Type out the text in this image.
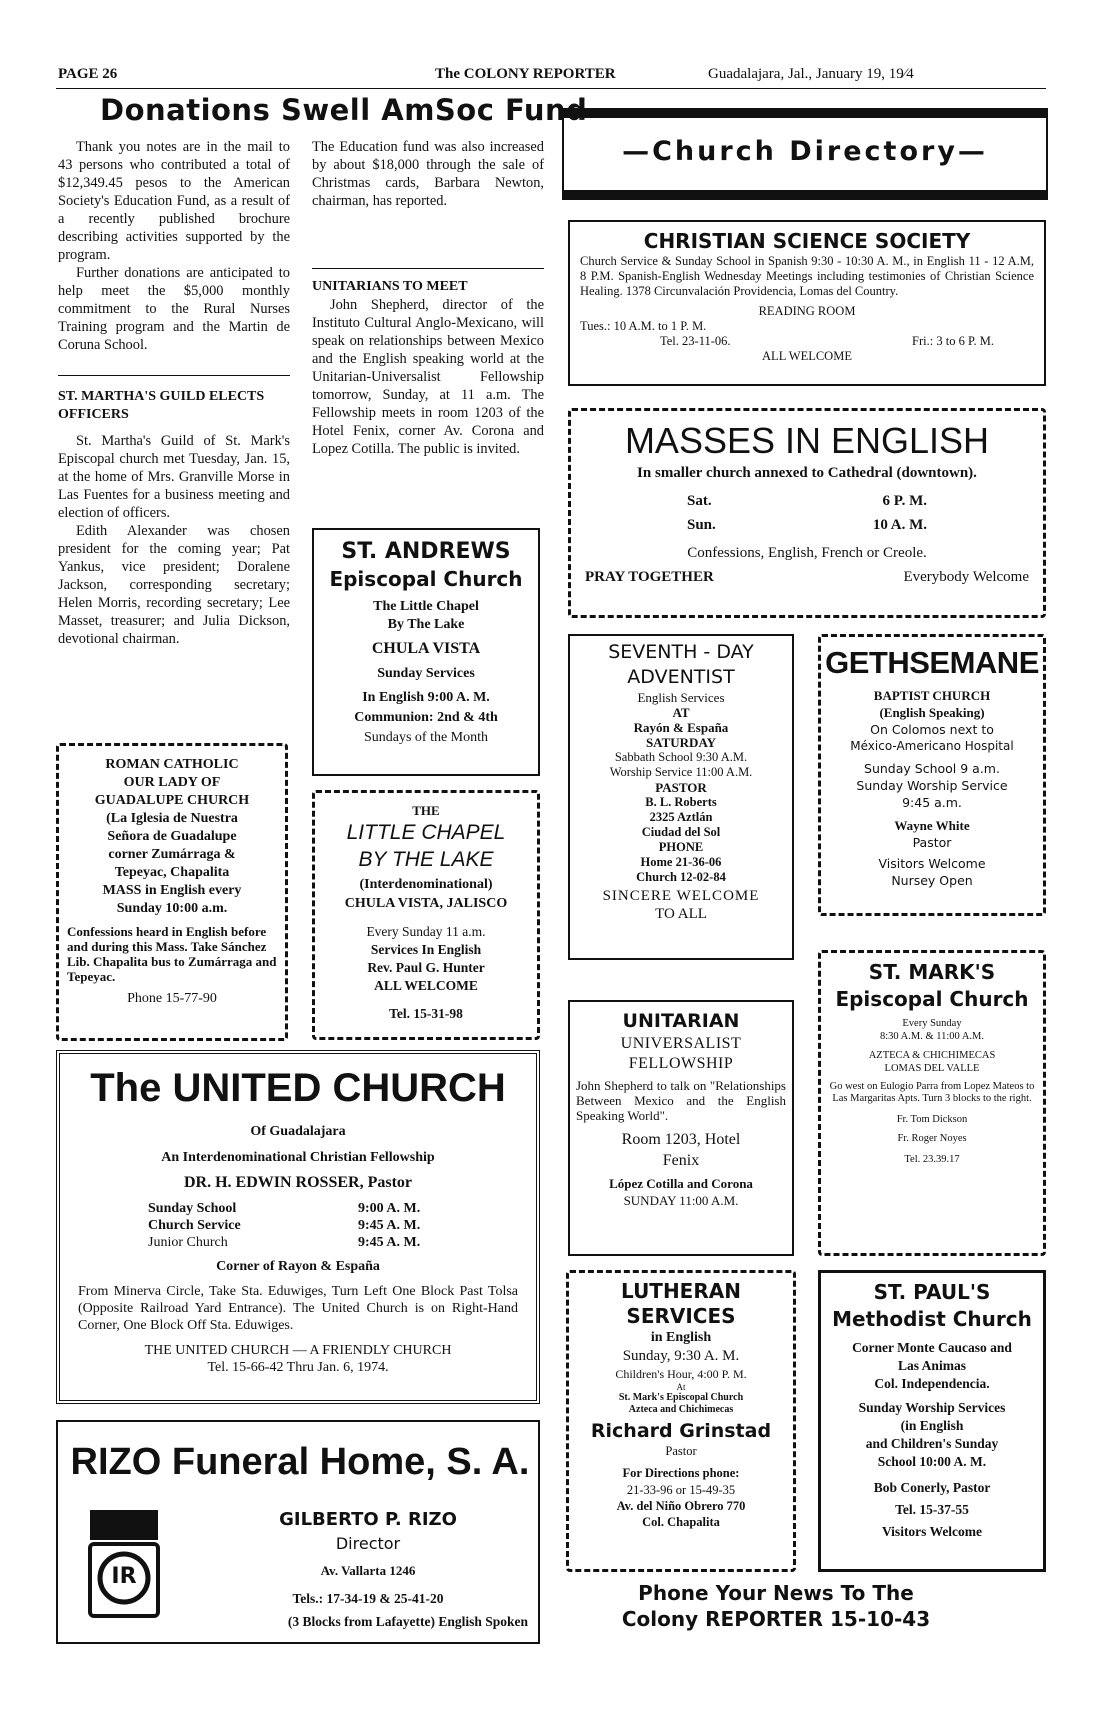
PAGE 26	The COLONY REPORTER	Guadalajara, Jal., January 19, 19⁄4
Donations Swell AmSoc Fund

Thank you notes are in the mail to 43 persons who contributed a total of $12,349.45 pesos to the American Society's Education Fund, as a result of a recently published brochure describing activities supported by the program.

Further donations are anticipated to help meet the $5,000 monthly commitment to the Rural Nurses Training program and the Martin de Coruna School.

ST. MARTHA'S GUILD ELECTS OFFICERS

St. Martha's Guild of St. Mark's Episcopal church met Tuesday, Jan. 15, at the home of Mrs. Granville Morse in Las Fuentes for a business meeting and election of officers.

Edith Alexander was chosen president for the coming year; Pat Yankus, vice president; Doralene Jackson, corresponding secretary; Helen Morris, recording secretary; Lee Masset, treasurer; and Julia Dickson, devotional chairman.

The Education fund was also increased by about $18,000 through the sale of Christmas cards, Barbara Newton, chairman, has reported.

UNITARIANS TO MEET

John Shepherd, director of the Instituto Cultural Anglo-Mexicano, will speak on relationships between Mexico and the English speaking world at the Unitarian-Universalist Fellowship tomorrow, Sunday, at 11 a.m. The Fellowship meets in room 1203 of the Hotel Fenix, corner Av. Corona and Lopez Cotilla. The public is invited.

ROMAN CATHOLIC
OUR LADY OF
GUADALUPE CHURCH
(La Iglesia de Nuestra
Señora de Guadalupe
corner Zumárraga &
Tepeyac, Chapalita
MASS in English every
Sunday 10:00 a.m.
Confessions heard in English before and during this Mass. Take Sánchez Lib. Chapalita bus to Zumárraga and Tepeyac.
Phone 15-77-90
ST. ANDREWS
Episcopal Church
The Little Chapel
By The Lake
CHULA VISTA
Sunday Services
In English 9:00 A. M.
Communion: 2nd & 4th
Sundays of the Month
THE
LITTLE CHAPEL
BY THE LAKE
(Interdenominational)
CHULA VISTA, JALISCO
Every Sunday 11 a.m.
Services In English
Rev. Paul G. Hunter
ALL WELCOME
Tel. 15-31-98
The UNITED CHURCH
Of Guadalajara
An Interdenominational Christian Fellowship
DR. H. EDWIN ROSSER, Pastor
Sunday School	9:00 A. M.
Church Service	9:45 A. M.
Junior Church	9:45 A. M.
Corner of Rayon & España
From Minerva Circle, Take Sta. Eduwiges, Turn Left One Block Past Tolsa (Opposite Railroad Yard Entrance). The United Church is on Right-Hand Corner, One Block Off Sta. Eduwiges.
THE UNITED CHURCH — A FRIENDLY CHURCH
Tel. 15-66-42 Thru Jan. 6, 1974.
RIZO Funeral Home, S. A.
IR
GILBERTO P. RIZO
Director
Av. Vallarta 1246
Tels.: 17-34-19 & 25-41-20
(3 Blocks from Lafayette) English Spoken
—Church Directory—
CHRISTIAN SCIENCE SOCIETY
Church Service & Sunday School in Spanish 9:30 - 10:30 A. M., in English 11 - 12 A.M, 8 P.M. Spanish-English Wednesday Meetings including testimonies of Christian Science Healing. 1378 Circunvalación Providencia, Lomas del Country.
READING ROOM
Tues.: 10 A.M. to 1 P. M.
Tel. 23-11-06.	Fri.: 3 to 6 P. M.
ALL WELCOME
MASSES IN ENGLISH
In smaller church annexed to Cathedral (downtown).
Sat.	6 P. M.
Sun.	10 A. M.
Confessions, English, French or Creole.
PRAY TOGETHER	Everybody Welcome
SEVENTH - DAY
ADVENTIST
English Services
AT
Rayón & España
SATURDAY
Sabbath School 9:30 A.M.
Worship Service 11:00 A.M.
PASTOR
B. L. Roberts
2325 Aztlán
Ciudad del Sol
PHONE
Home 21-36-06
Church 12-02-84
SINCERE WELCOME
TO ALL
GETHSEMANE
BAPTIST CHURCH
(English Speaking)
On Colomos next to
México-Americano Hospital
Sunday School 9 a.m.
Sunday Worship Service
9:45 a.m.
Wayne White
Pastor
Visitors Welcome
Nursey Open
UNITARIAN
UNIVERSALIST
FELLOWSHIP
John Shepherd to talk on "Relationships Between Mexico and the English Speaking World".
Room 1203, Hotel
Fenix
López Cotilla and Corona
SUNDAY 11:00 A.M.
ST. MARK'S
Episcopal Church
Every Sunday
8:30 A.M. & 11:00 A.M.
AZTECA & CHICHIMECAS
LOMAS DEL VALLE
Go west on Eulogio Parra from Lopez Mateos to Las Margaritas Apts. Turn 3 blocks to the right.
Fr. Tom Dickson
Fr. Roger Noyes
Tel. 23.39.17
LUTHERAN
SERVICES
in English
Sunday, 9:30 A. M.
Children's Hour, 4:00 P. M.
At
St. Mark's Episcopal Church
Azteca and Chichimecas
Richard Grinstad
Pastor
For Directions phone:
21-33-96 or 15-49-35
Av. del Niño Obrero 770
Col. Chapalita
ST. PAUL'S
Methodist Church
Corner Monte Caucaso and
Las Animas
Col. Independencia.
Sunday Worship Services
(in English
and Children's Sunday
School 10:00 A. M.
Bob Conerly, Pastor
Tel. 15-37-55
Visitors Welcome
Phone Your News To The
Colony REPORTER 15-10-43
